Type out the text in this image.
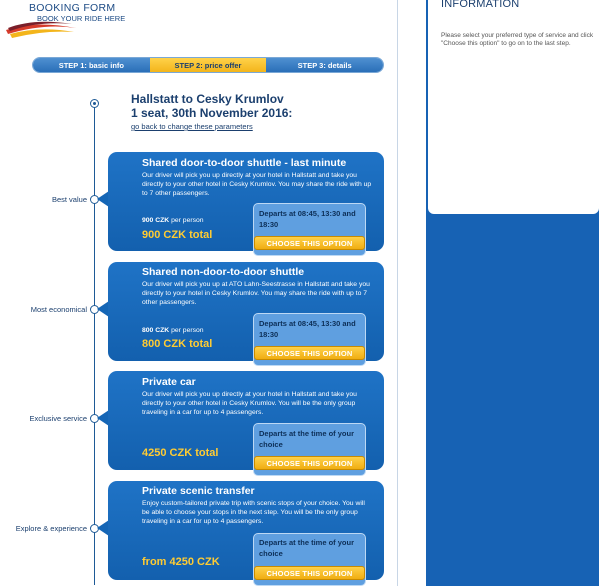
INFORMATION
Please select your preferred type of service and click "Choose this option" to go on to the last step.
BOOKING FORM
BOOK YOUR RIDE HERE
STEP 1: basic info	STEP 2: price offer	STEP 3: details
Best value
Most economical
Exclusive service
Explore & experience
Hallstatt to Cesky Krumlov
1 seat, 30th November 2016:
go back to change these parameters
Shared door-to-door shuttle - last minute
Our driver will pick you up directly at your hotel in Hallstatt and take you directly to your other hotel in Cesky Krumlov. You may share the ride with up to 7 other passengers.
900 CZK per person
900 CZK total
Departs at 08:45, 13:30 and 18:30
CHOOSE THIS OPTION
Shared non-door-to-door shuttle
Our driver will pick you up at ATO Lahn-Seestrasse in Hallstatt and take you directly to your hotel in Cesky Krumlov. You may share the ride with up to 7 other passengers.
800 CZK per person
800 CZK total
Departs at 08:45, 13:30 and 18:30
CHOOSE THIS OPTION
Private car
Our driver will pick you up directly at your hotel in Hallstatt and take you directly to your other hotel in Cesky Krumlov. You will be the only group traveling in a car for up to 4 passengers.
4250 CZK total
Departs at the time of your choice
CHOOSE THIS OPTION
Private scenic transfer
Enjoy custom-tailored private trip with scenic stops of your choice. You will be able to choose your stops in the next step. You will be the only group traveling in a car for up to 4 passengers.
from 4250 CZK
Departs at the time of your choice
CHOOSE THIS OPTION
